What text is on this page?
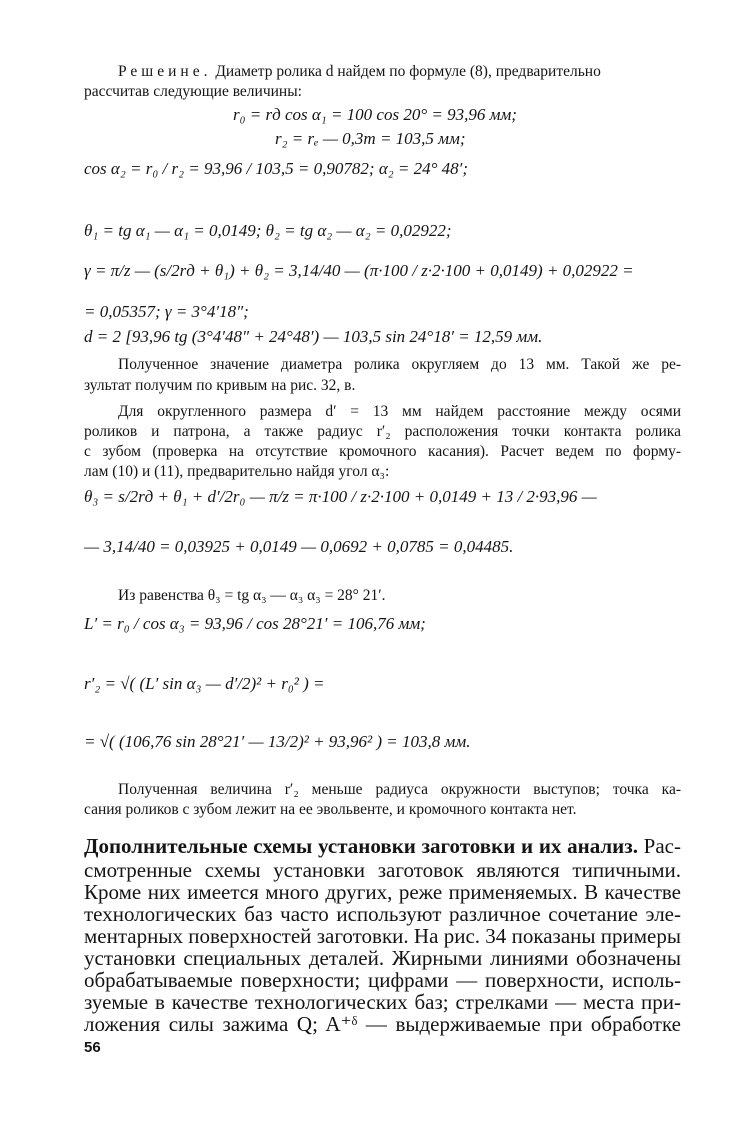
Решеине. Диаметр ролика d найдем по формуле (8), предварительно
рассчитав следующие величины:
r₀ = rд cos α₁ = 100 cos 20° = 93,96 мм;
r₂ = rₑ — 0,3m = 103,5 мм;
cos α₂ = r₀ / r₂ = 93,96 / 103,5 = 0,90782; α₂ = 24° 48′;
θ₁ = tg α₁ — α₁ = 0,0149; θ₂ = tg α₂ — α₂ = 0,02922;
γ = π/z — (s/2rд + θ₁) + θ₂ = 3,14/40 — (π·100 / z·2·100 + 0,0149) + 0,02922 =
= 0,05357; γ = 3°4′18″;
d = 2 [93,96 tg (3°4′48″ + 24°48′) — 103,5 sin 24°18′ = 12,59 мм.
Полученное значение диаметра ролика округляем до 13 мм. Такой же ре-
зультат получим по кривым на рис. 32, в.
Для округленного размера d′ = 13 мм найдем расстояние между осями
роликов и патрона, а также радиус r′₂ расположения точки контакта ролика
с зубом (проверка на отсутствие кромочного касания). Расчет ведем по форму-
лам (10) и (11), предварительно найдя угол α₃:
θ₃ = s/2rд + θ₁ + d′/2r₀ — π/z = π·100 / z·2·100 + 0,0149 + 13 / 2·93,96 —
— 3,14/40 = 0,03925 + 0,0149 — 0,0692 + 0,0785 = 0,04485.
Из равенства θ₃ = tg α₃ — α₃ α₃ = 28° 21′.
L′ = r₀ / cos α₃ = 93,96 / cos 28°21′ = 106,76 мм;
r′₂ = √( (L′ sin α₃ — d′/2)² + r₀² ) =
= √( (106,76 sin 28°21′ — 13/2)² + 93,96² ) = 103,8 мм.
Полученная величина r′₂ меньше радиуса окружности выступов; точка ка-
сания роликов с зубом лежит на ее эвольвенте, и кромочного контакта нет.
Дополнительные схемы установки заготовки и их анализ. Рас-
смотренные схемы установки заготовок являются типичными.
Кроме них имеется много других, реже применяемых. В качестве
технологических баз часто используют различное сочетание эле-
ментарных поверхностей заготовки. На рис. 34 показаны примеры
установки специальных деталей. Жирными линиями обозначены
обрабатываемые поверхности; цифрами — поверхности, исполь-
зуемые в качестве технологических баз; стрелками — места при-
ложения силы зажима Q; A⁺ᵟ — выдерживаемые при обработке
56
